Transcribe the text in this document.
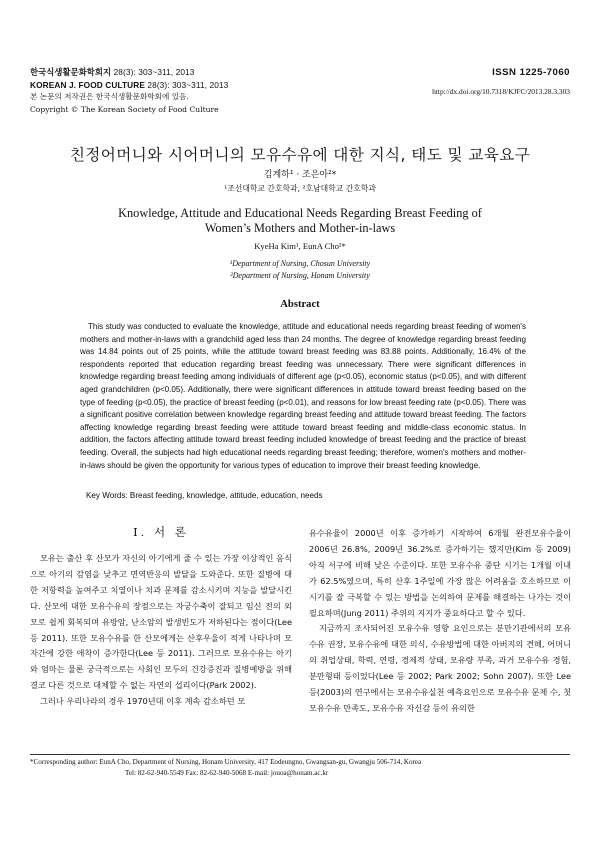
한국식생활문화학회지 28(3): 303~311, 2013
KOREAN J. FOOD CULTURE 28(3): 303~311, 2013
본 논문의 저작권은 한국식생활문화학회에 있음.
Copyright © The Korean Society of Food Culture
ISSN 1225-7060
http://dx.doi.org/10.7318/KJFC/2013.28.3.303
친정어머니와 시어머니의 모유수유에 대한 지식, 태도 및 교육요구
김계하¹ · 조은아²*
¹조선대학교 간호학과, ²호남대학교 간호학과
Knowledge, Attitude and Educational Needs Regarding Breast Feeding of
Women’s Mothers and Mother-in-laws
KyeHa Kim¹, EunA Cho²*
¹Department of Nursing, Chosun University
²Department of Nursing, Honam University
Abstract
This study was conducted to evaluate the knowledge, attitude and educational needs regarding breast feeding of women's mothers and mother-in-laws with a grandchild aged less than 24 months. The degree of knowledge regarding breast feeding was 14.84 points out of 25 points, while the attitude toward breast feeding was 83.88 points. Additionally, 16.4% of the respondents reported that education regarding breast feeding was unnecessary. There were significant differences in knowledge regarding breast feeding among individuals of different age (p<0.05), economic status (p<0.05), and with different aged grandchildren (p<0.05). Additionally, there were significant differences in attitude toward breast feeding based on the type of feeding (p<0.05), the practice of breast feeding (p<0.01), and reasons for low breast feeding rate (p<0.05). There was a significant positive correlation between knowledge regarding breast feeding and attitude toward breast feeding. The factors affecting knowledge regarding breast feeding were attitude toward breast feeding and middle-class economic status. In addition, the factors affecting attitude toward breast feeding included knowledge of breast feeding and the practice of breast feeding. Overall, the subjects had high educational needs regarding breast feeding; therefore, women's mothers and mother-in-laws should be given the opportunity for various types of education to improve their breast feeding knowledge.
Key Words: Breast feeding, knowledge, attitude, education, needs
I. 서 론

모유는 출산 후 산모가 자신의 아기에게 줄 수 있는 가장 이상적인 음식으로 아기의 감염을 낮추고 면역반응의 발달을 도와준다. 또한 질병에 대한 저항력을 높여주고 치열이나 치과 문제를 감소시키며 지능을 발달시킨다. 산모에 대한 모유수유의 장점으로는 자궁수축이 잘되고 임신 전의 외모로 쉽게 회복되며 유방암, 난소암의 발생빈도가 저하된다는 점이다(Lee 등 2011). 또한 모유수유를 한 산모에게는 산후우울이 적게 나타나며 모자간에 강한 애착이 증가한다(Lee 등 2011). 그러므로 모유수유는 아기와 엄마는 물론 궁극적으로는 사회인 모두의 건강증진과 질병예방을 위해 결코 다른 것으로 대체할 수 없는 자연의 섭리이다(Park 2002).

그러나 우리나라의 경우 1970년대 이후 계속 감소하던 모

유수유율이 2000년 이후 증가하기 시작하여 6개월 완전모유수율이 2006년 26.8%, 2009년 36.2%로 증가하기는 했지만(Kim 등 2009) 아직 서구에 비해 낮은 수준이다. 또한 모유수유 중단 시기는 1개월 이내가 62.5%였으며, 특히 산후 1주일에 가장 많은 어려움을 호소하므로 이 시기를 잘 극복할 수 있는 방법을 논의하여 문제를 해결하는 나가는 것이 필요하며(Jung 2011) 주위의 지지가 중요하다고 할 수 있다.

지금까지 조사되어진 모유수유 영향 요인으로는 분만기관에서의 모유수유 권장, 모유수유에 대한 의식, 수유방법에 대한 아버지의 견해, 어머니의 취업상태, 학력, 연령, 경제적 상태, 모유량 부족, 과거 모유수유 경험, 분만형태 등이었다(Lee 등 2002; Park 2002; Sohn 2007). 또한 Lee 등(2003)의 연구에서는 모유수유실천 예측요인으로 모유수유 문제 수, 첫 모유수유 만족도, 모유수유 자신감 등이 유의한

*Corresponding author: EunA Cho, Department of Nursing, Honam University, 417 Eodeungno, Gwangsan-gu, Gwangju 506-714, Korea
Tel: 82-62-940-5549 Fax: 82-62-940-5068 E-mail: jouoa@honam.ac.kr
